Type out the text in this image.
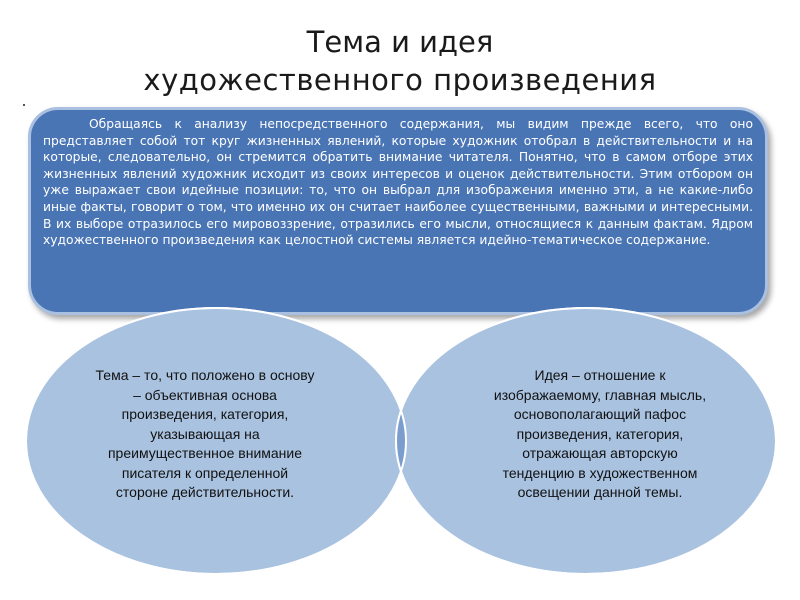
Тема и идея
художественного произведения
Обращаясь к анализу непосредственного содержания, мы видим прежде всего, что оно представляет собой тот круг жизненных явлений, которые художник отобрал в действительности и на которые, следовательно, он стремится обратить внимание читателя. Понятно, что в самом отборе этих жизненных явлений художник исходит из своих интересов и оценок действительности. Этим отбором он уже выражает свои идейные позиции: то, что он выбрал для изображения именно эти, а не какие-либо иные факты, говорит о том, что именно их он считает наиболее существенными, важными и интересными. В их выборе отразилось его мировоззрение, отразились его мысли, относящиеся к данным фактам. Ядром художественного произведения как целостной системы является идейно-тематическое содержание.
Тема – то, что положено в основу – объективная основа произведения, категория, указывающая на преимущественное внимание писателя к определенной стороне действительности.
Идея – отношение к изображаемому, главная мысль, основополагающий пафос произведения, категория, отражающая авторскую тенденцию в художественном освещении данной темы.
